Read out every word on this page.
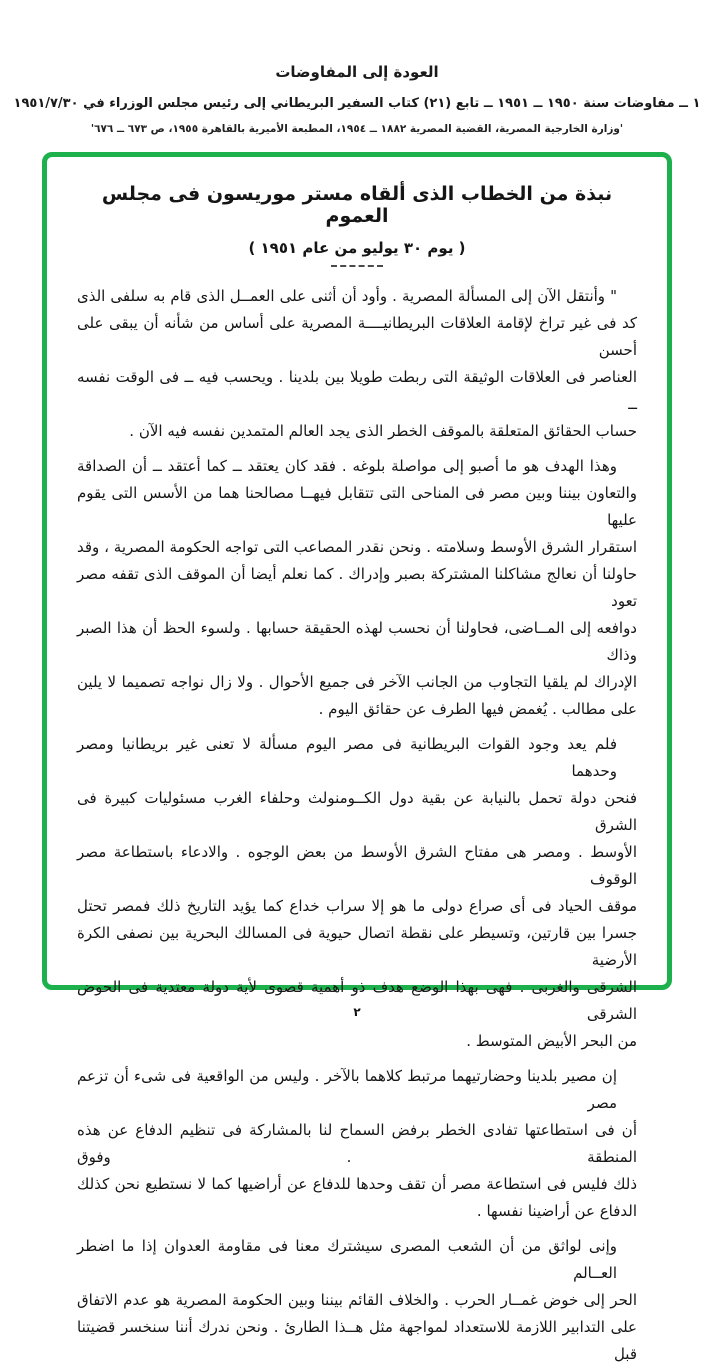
العودة إلى المفاوضات
١ ــ مفاوضات سنة ١٩٥٠ ــ ١٩٥١ ــ تابع (٢١) كتاب السفير البريطاني إلى رئيس مجلس الوزراء في ١٩٥١/٧/٣٠
'وزارة الخارجية المصرية، القضية المصرية ١٨٨٢ ــ ١٩٥٤، المطبعة الأميرية بالقاهرة ١٩٥٥، ص ٦٧٣ ــ ٦٧٦'
نبذة من الخطاب الذى ألقاه مستر موريسون فى مجلس العموم
( يوم ٣٠ يوليو من عام ١٩٥١ )
" وأنتقل الآن إلى المسألة المصرية . وأود أن أثنى على العمــل الذى قام به سلفى الذى
كد فى غير تراخ لإقامة العلاقات البريطانيــــة المصرية على أساس من شأنه أن يبقى على أحسن
العناصر فى العلاقات الوثيقة التى ربطت طويلا بين بلدينا . ويحسب فيه ــ فى الوقت نفسه ــ
حساب الحقائق المتعلقة بالموقف الخطر الذى يجد العالم المتمدين نفسه فيه الآن .
وهذا الهدف هو ما أصبو إلى مواصلة بلوغه . فقد كان يعتقد ــ كما أعتقد ــ أن الصداقة
والتعاون بيننا وبين مصر فى المناحى التى تتقابل فيهــا مصالحنا هما من الأسس التى يقوم عليها
استقرار الشرق الأوسط وسلامته . ونحن نقدر المصاعب التى تواجه الحكومة المصرية ، وقد
حاولنا أن نعالج مشاكلنا المشتركة بصبر وإدراك . كما نعلم أيضا أن الموقف الذى تقفه مصر تعود
دوافعه إلى المــاضى، فحاولنا أن نحسب لهذه الحقيقة حسابها . ولسوء الحظ أن هذا الصبر وذاك
الإدراك لم يلقيا التجاوب من الجانب الآخر فى جميع الأحوال . ولا زال نواجه تصميما لا يلين
على مطالب . يُغمض فيها الطرف عن حقائق اليوم .
فلم يعد وجود القوات البريطانية فى مصر اليوم مسألة لا تعنى غير بريطانيا ومصر وحدهما
فنحن دولة تحمل بالنيابة عن بقية دول الكــومنولث وحلفاء الغرب مسئوليات كبيرة فى الشرق
الأوسط . ومصر هى مفتاح الشرق الأوسط من بعض الوجوه . والادعاء باستطاعة مصر الوقوف
موقف الحياد فى أى صراع دولى ما هو إلا سراب خداع كما يؤيد التاريخ ذلك فمصر تحتل
جسرا بين قارتين، وتسيطر على نقطة اتصال حيوية فى المسالك البحرية بين نصفى الكرة الأرضية
الشرقى والغربى . فهى بهذا الوضع هدف ذو أهمية قصوى لأية دولة معتدية فى الحوض الشرقى
من البحر الأبيض المتوسط .
إن مصير بلدينا وحضارتيهما مرتبط كلاهما بالآخر . وليس من الواقعية فى شىء أن تزعم مصر
أن فى استطاعتها تفادى الخطر برفض السماح لنا بالمشاركة فى تنظيم الدفاع عن هذه المنطقة . وفوق
ذلك فليس فى استطاعة مصر أن تقف وحدها للدفاع عن أراضيها كما لا نستطيع نحن كذلك
الدفاع عن أراضينا نفسها .
وإنى لواثق من أن الشعب المصرى سيشترك معنا فى مقاومة العدوان إذا ما اضطر العــالم
الحر إلى خوض غمــار الحرب . والخلاف القائم بيننا وبين الحكومة المصرية هو عدم الاتفاق
على التدابير اللازمة للاستعداد لمواجهة مثل هــذا الطارئ . ونحن ندرك أننا سنخسر قضيتنا قبل
٢
